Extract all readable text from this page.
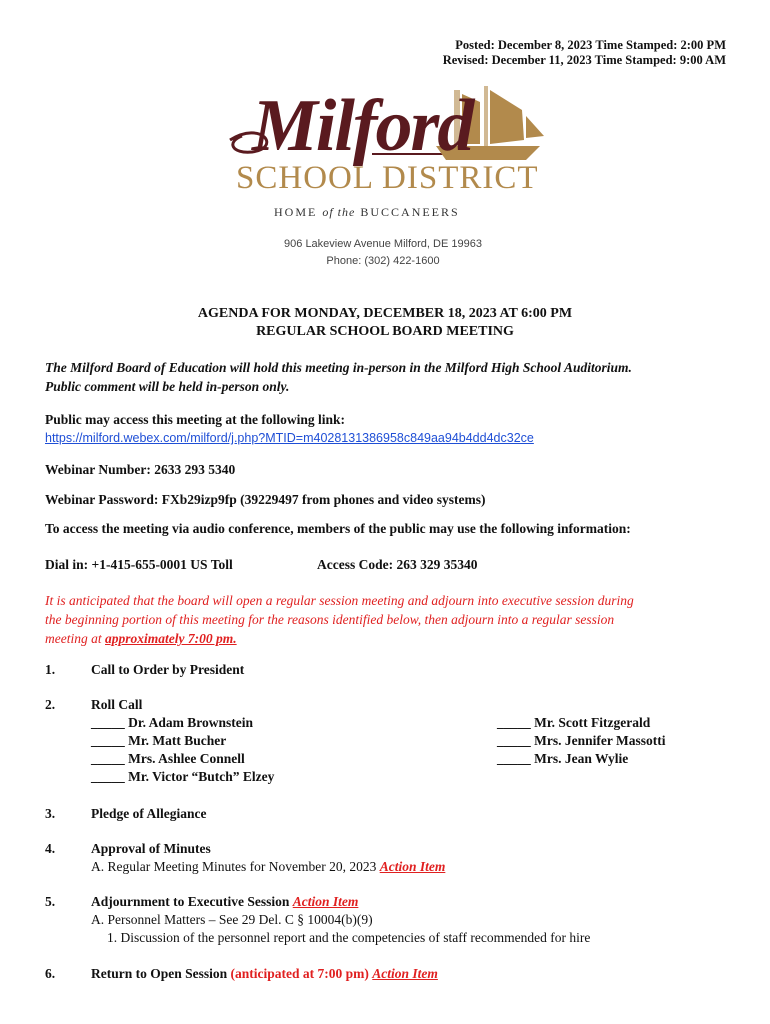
Posted: December 8, 2023 Time Stamped: 2:00 PM
Revised: December 11, 2023 Time Stamped: 9:00 AM
Milford
SCHOOL DISTRICT
HOME of the BUCCANEERS
906 Lakeview Avenue Milford, DE 19963
Phone: (302) 422-1600
AGENDA FOR MONDAY, DECEMBER 18, 2023 AT 6:00 PM
REGULAR SCHOOL BOARD MEETING
The Milford Board of Education will hold this meeting in-person in the Milford High School Auditorium.
Public comment will be held in-person only.
Public may access this meeting at the following link:
https://milford.webex.com/milford/j.php?MTID=m4028131386958c849aa94b4dd4dc32ce
Webinar Number: 2633 293 5340
Webinar Password: FXb29izp9fp (39229497 from phones and video systems)
To access the meeting via audio conference, members of the public may use the following information:
Dial in: +1-415-655-0001 US Toll	Access Code: 263 329 35340
It is anticipated that the board will open a regular session meeting and adjourn into executive session during
the beginning portion of this meeting for the reasons identified below, then adjourn into a regular session
meeting at approximately 7:00 pm.
1.	Call to Order by President
2.	Roll Call
_____ Dr. Adam Brownstein
_____ Mr. Matt Bucher
_____ Mrs. Ashlee Connell
_____ Mr. Victor “Butch” Elzey
_____ Mr. Scott Fitzgerald
_____ Mrs. Jennifer Massotti
_____ Mrs. Jean Wylie
3.	Pledge of Allegiance
4.	Approval of Minutes
A. Regular Meeting Minutes for November 20, 2023 Action Item
5.	Adjournment to Executive Session Action Item
A. Personnel Matters – See 29 Del. C § 10004(b)(9)
1. Discussion of the personnel report and the competencies of staff recommended for hire
6.	Return to Open Session (anticipated at 7:00 pm) Action Item
